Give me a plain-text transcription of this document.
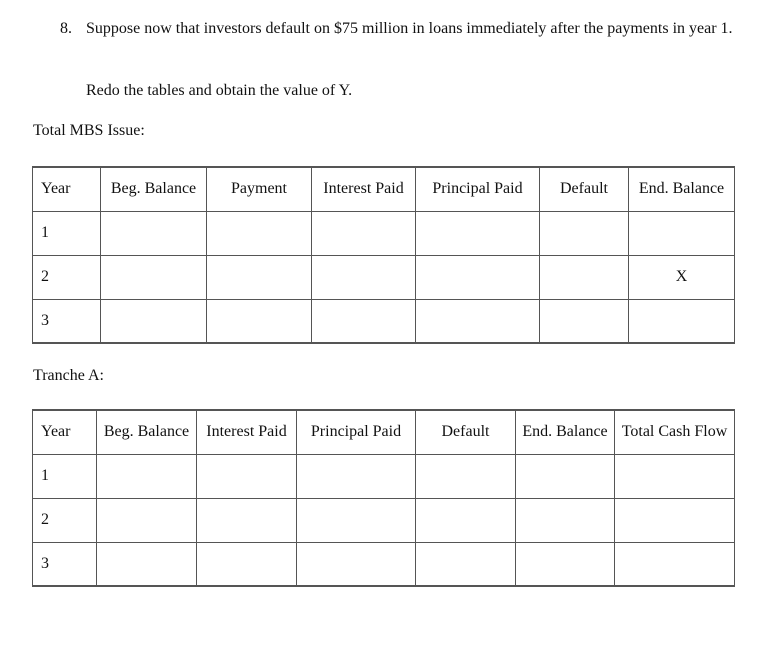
8. Suppose now that investors default on $75 million in loans immediately after the payments in year 1.
Redo the tables and obtain the value of Y.
Total MBS Issue:
Year	Beg. Balance	Payment	Interest Paid	Principal Paid	Default	End. Balance
1						
2						X
3						
Tranche A:
Year	Beg. Balance	Interest Paid	Principal Paid	Default	End. Balance	Total Cash Flow
1						
2						
3						
